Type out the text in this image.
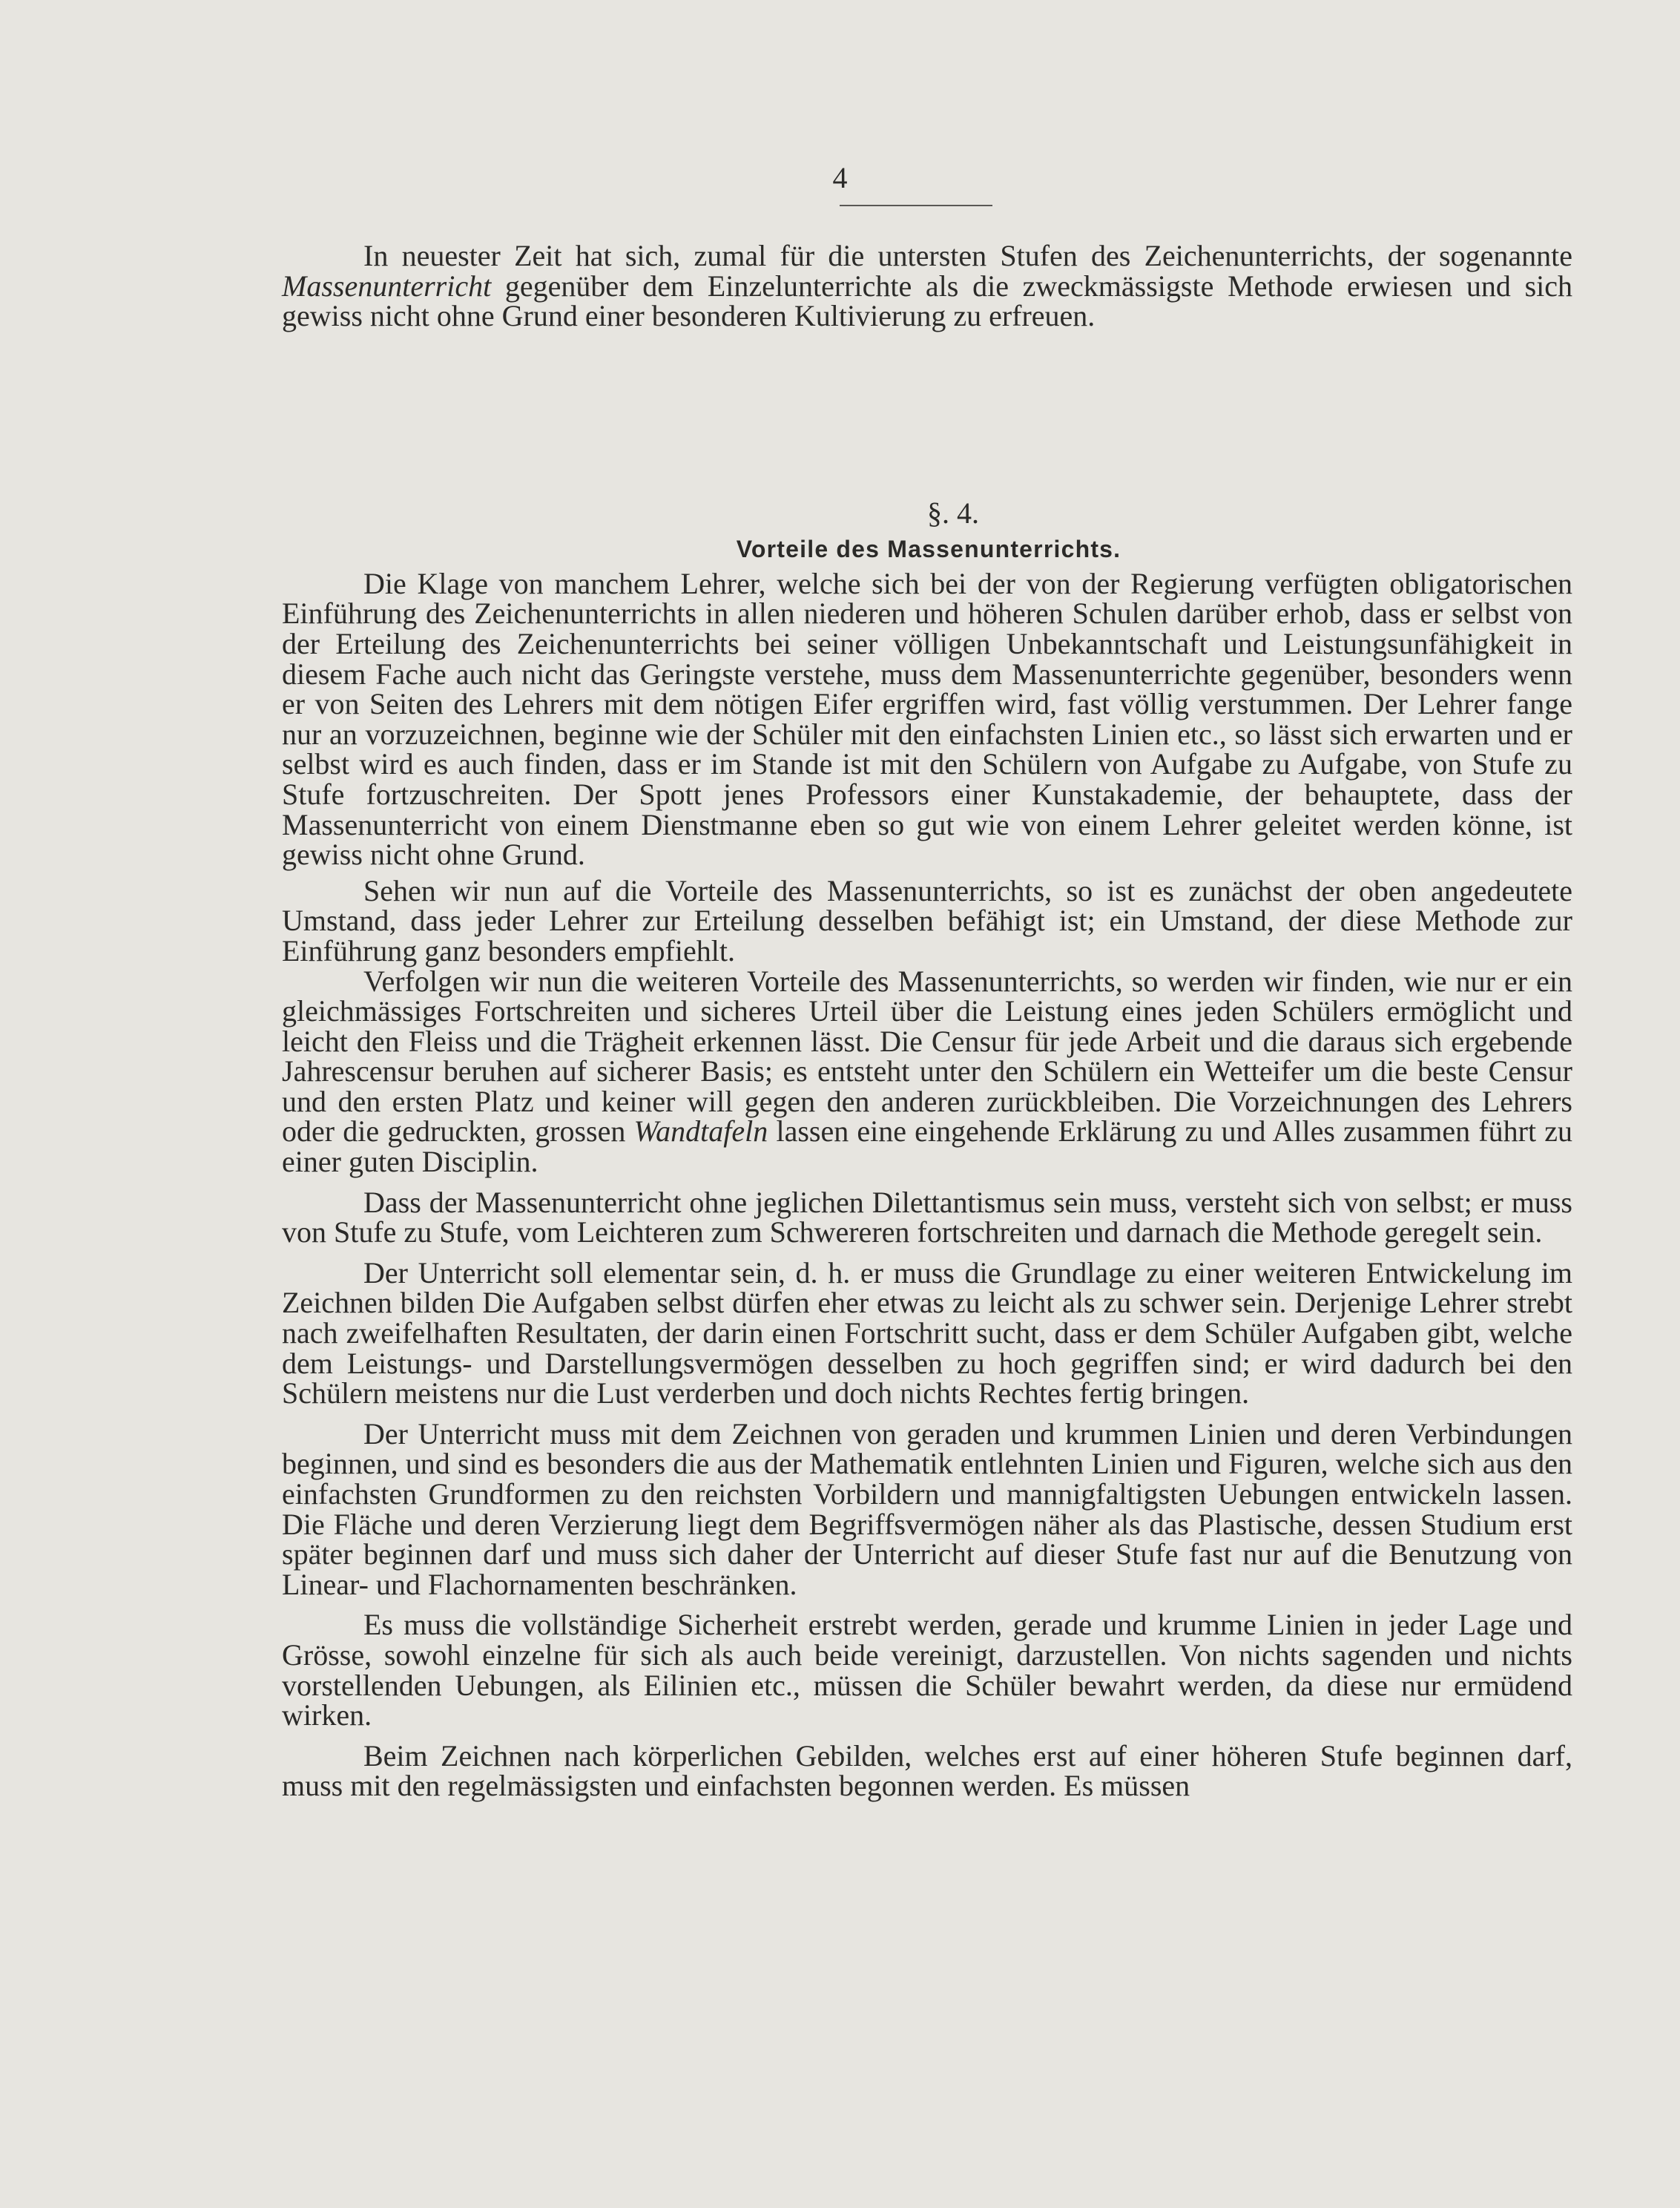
4

In neuester Zeit hat sich, zumal für die untersten Stufen des Zeichenunterrichts, der sogenannte Massenunterricht gegenüber dem Einzelunterrichte als die zweckmässigste Methode erwiesen und sich gewiss nicht ohne Grund einer besonderen Kultivierung zu erfreuen.

§. 4.
Vorteile des Massenunterrichts.

Die Klage von manchem Lehrer, welche sich bei der von der Regierung verfügten obligatorischen Einführung des Zeichenunterrichts in allen niederen und höheren Schulen darüber erhob, dass er selbst von der Erteilung des Zeichenunterrichts bei seiner völligen Unbekanntschaft und Leistungsunfähigkeit in diesem Fache auch nicht das Geringste verstehe, muss dem Massenunterrichte gegenüber, besonders wenn er von Seiten des Lehrers mit dem nötigen Eifer ergriffen wird, fast völlig verstummen. Der Lehrer fange nur an vorzuzeichnen, beginne wie der Schüler mit den einfachsten Linien etc., so lässt sich erwarten und er selbst wird es auch finden, dass er im Stande ist mit den Schülern von Aufgabe zu Aufgabe, von Stufe zu Stufe fortzuschreiten. Der Spott jenes Professors einer Kunstakademie, der behauptete, dass der Massenunterricht von einem Dienstmanne eben so gut wie von einem Lehrer geleitet werden könne, ist gewiss nicht ohne Grund.

Sehen wir nun auf die Vorteile des Massenunterrichts, so ist es zunächst der oben angedeutete Umstand, dass jeder Lehrer zur Erteilung desselben befähigt ist; ein Umstand, der diese Methode zur Einführung ganz besonders empfiehlt.

Verfolgen wir nun die weiteren Vorteile des Massenunterrichts, so werden wir finden, wie nur er ein gleichmässiges Fortschreiten und sicheres Urteil über die Leistung eines jeden Schülers ermöglicht und leicht den Fleiss und die Trägheit erkennen lässt. Die Censur für jede Arbeit und die daraus sich ergebende Jahrescensur beruhen auf sicherer Basis; es entsteht unter den Schülern ein Wetteifer um die beste Censur und den ersten Platz und keiner will gegen den anderen zurückbleiben. Die Vorzeichnungen des Lehrers oder die gedruckten, grossen Wandtafeln lassen eine eingehende Erklärung zu und Alles zusammen führt zu einer guten Disciplin.

Dass der Massenunterricht ohne jeglichen Dilettantismus sein muss, versteht sich von selbst; er muss von Stufe zu Stufe, vom Leichteren zum Schwereren fortschreiten und darnach die Methode geregelt sein.

Der Unterricht soll elementar sein, d. h. er muss die Grundlage zu einer weiteren Entwickelung im Zeichnen bilden Die Aufgaben selbst dürfen eher etwas zu leicht als zu schwer sein. Derjenige Lehrer strebt nach zweifelhaften Resultaten, der darin einen Fortschritt sucht, dass er dem Schüler Aufgaben gibt, welche dem Leistungs- und Darstellungsvermögen desselben zu hoch gegriffen sind; er wird dadurch bei den Schülern meistens nur die Lust verderben und doch nichts Rechtes fertig bringen.

Der Unterricht muss mit dem Zeichnen von geraden und krummen Linien und deren Verbindungen beginnen, und sind es besonders die aus der Mathematik entlehnten Linien und Figuren, welche sich aus den einfachsten Grundformen zu den reichsten Vorbildern und mannigfaltigsten Uebungen entwickeln lassen. Die Fläche und deren Verzierung liegt dem Begriffsvermögen näher als das Plastische, dessen Studium erst später beginnen darf und muss sich daher der Unterricht auf dieser Stufe fast nur auf die Benutzung von Linear- und Flachornamenten beschränken.

Es muss die vollständige Sicherheit erstrebt werden, gerade und krumme Linien in jeder Lage und Grösse, sowohl einzelne für sich als auch beide vereinigt, darzustellen. Von nichts sagenden und nichts vorstellenden Uebungen, als Eilinien etc., müssen die Schüler bewahrt werden, da diese nur ermüdend wirken.

Beim Zeichnen nach körperlichen Gebilden, welches erst auf einer höheren Stufe beginnen darf, muss mit den regelmässigsten und einfachsten begonnen werden. Es müssen
